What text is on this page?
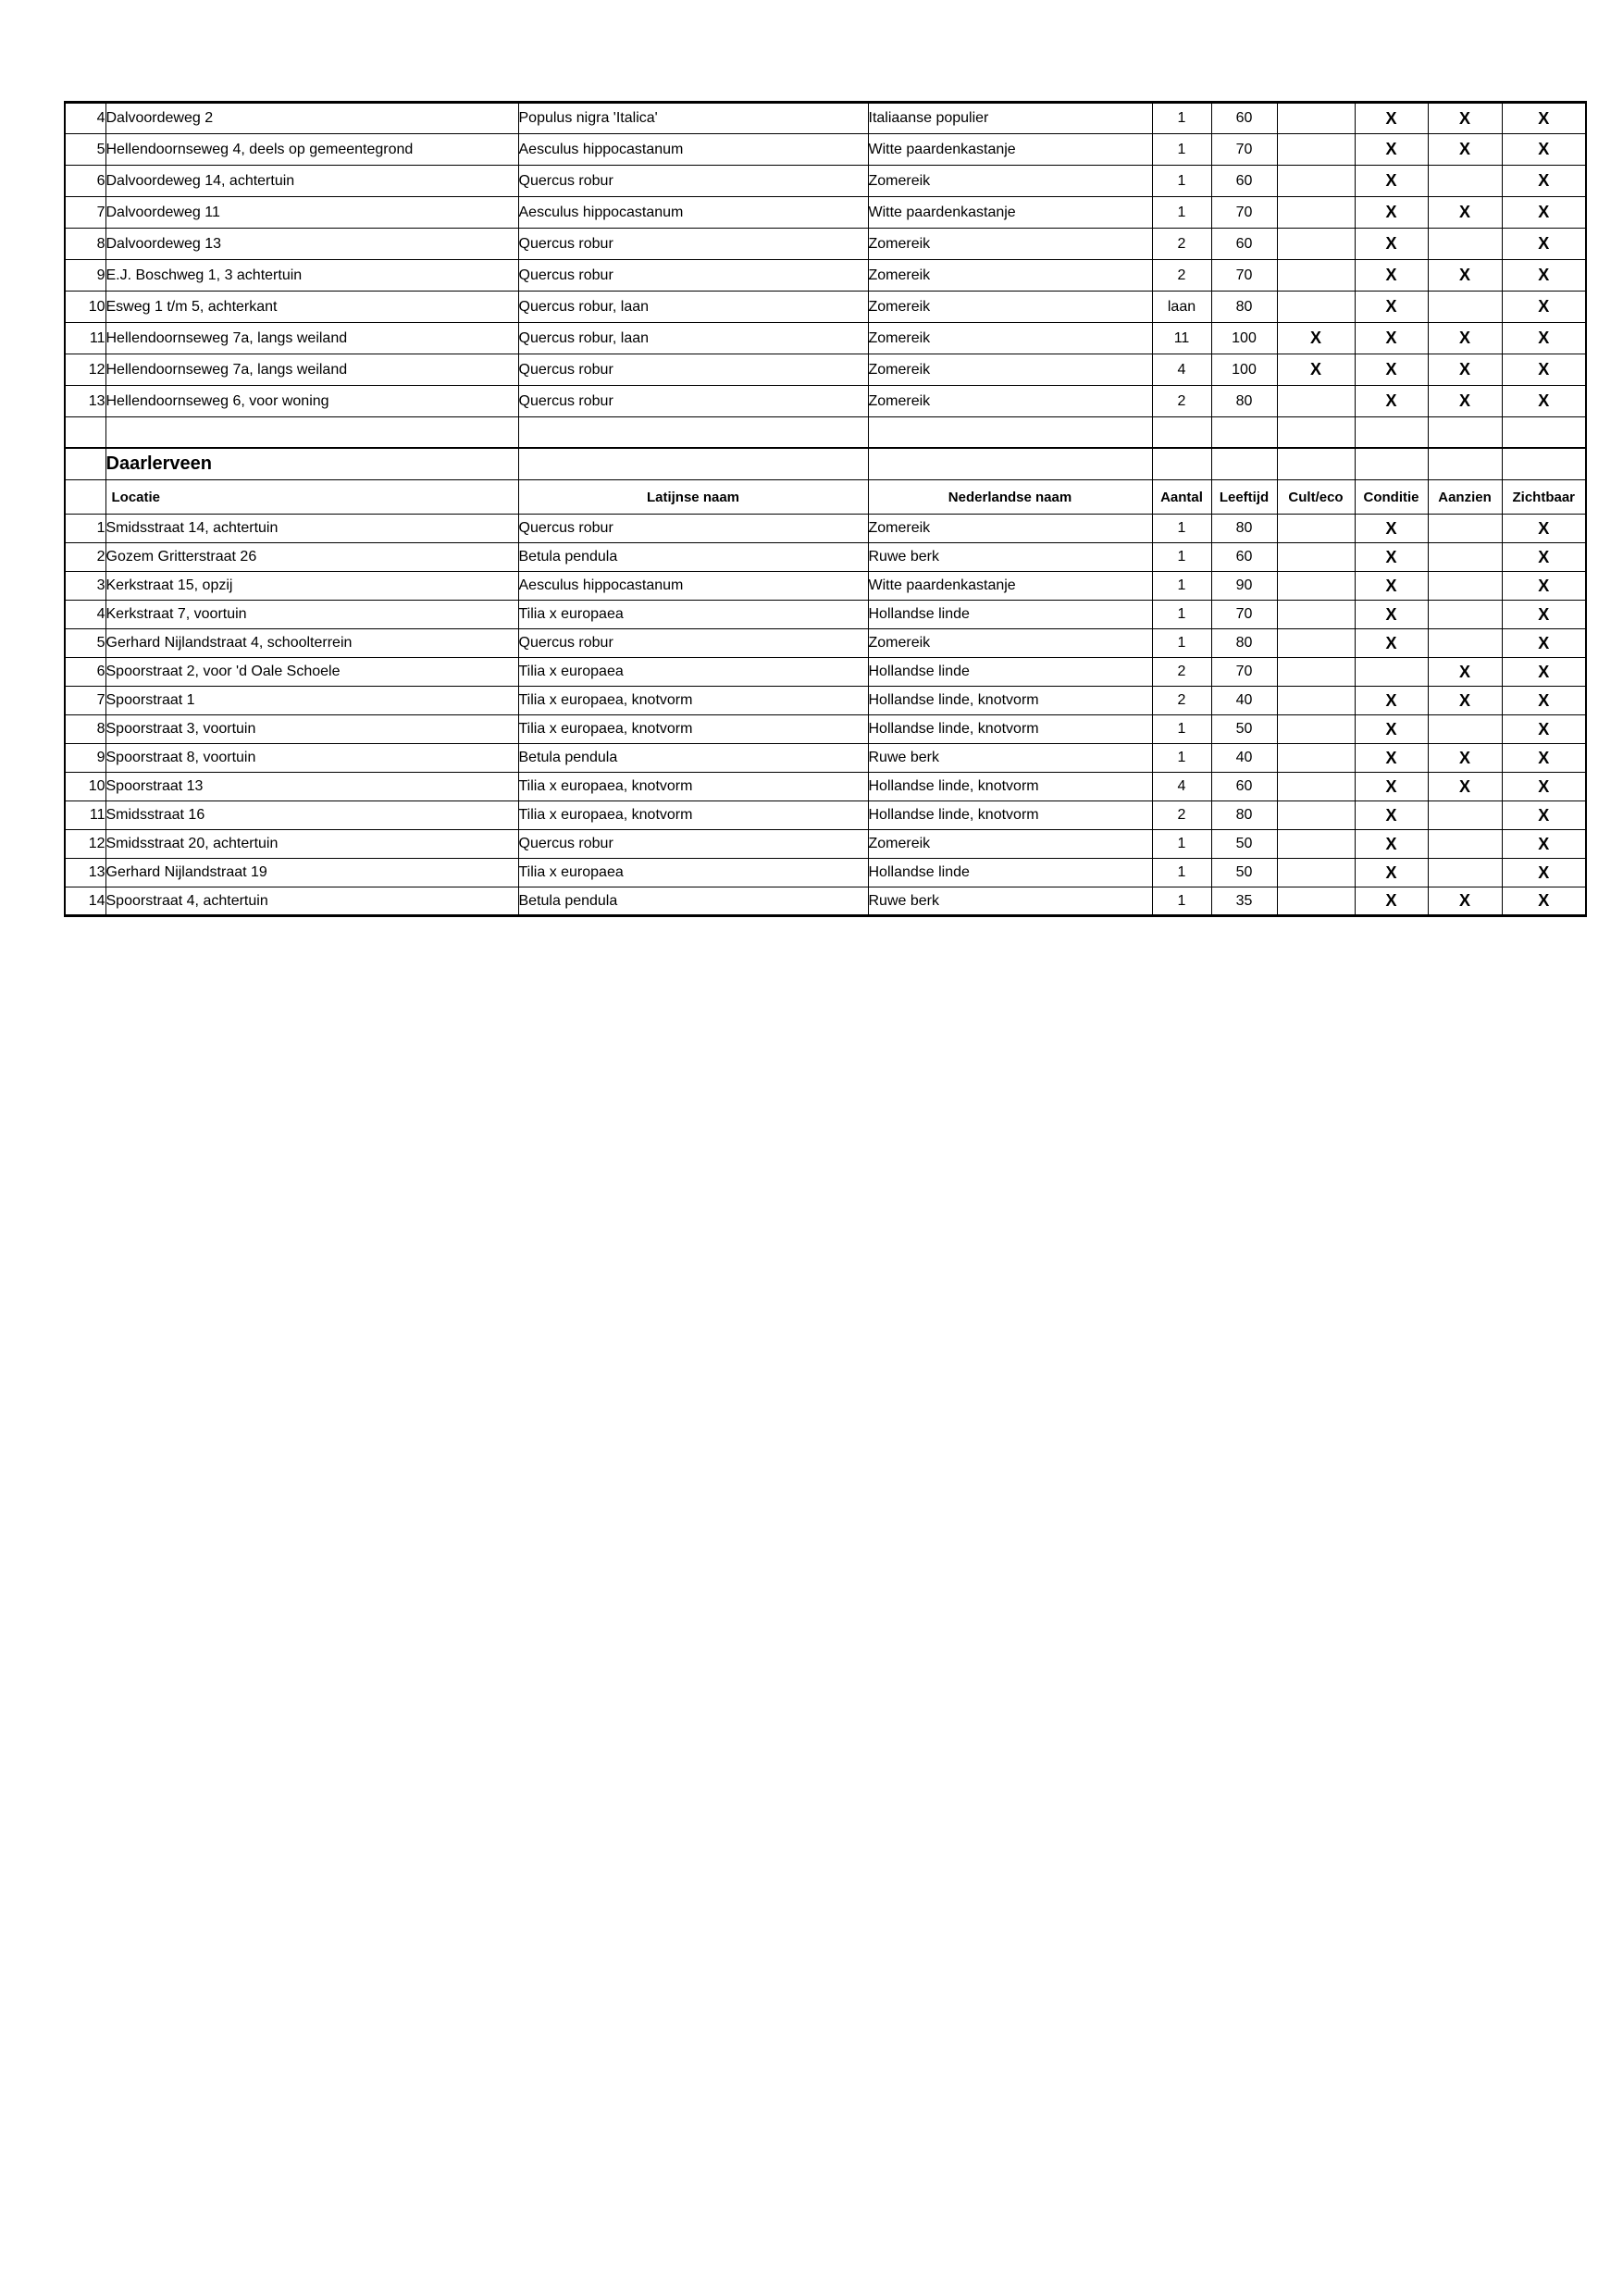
4	Dalvoordeweg 2	Populus nigra 'Italica'	Italiaanse populier	1	60		X	X	X
5	Hellendoornseweg 4, deels op gemeentegrond	Aesculus hippocastanum	Witte paardenkastanje	1	70		X	X	X
6	Dalvoordeweg 14, achtertuin	Quercus robur	Zomereik	1	60		X		X
7	Dalvoordeweg 11	Aesculus hippocastanum	Witte paardenkastanje	1	70		X	X	X
8	Dalvoordeweg 13	Quercus robur	Zomereik	2	60		X		X
9	E.J. Boschweg 1, 3 achtertuin	Quercus robur	Zomereik	2	70		X	X	X
10	Esweg 1 t/m 5, achterkant	Quercus robur, laan	Zomereik	laan	80		X		X
11	Hellendoornseweg 7a, langs weiland	Quercus robur, laan	Zomereik	11	100	X	X	X	X
12	Hellendoornseweg 7a, langs weiland	Quercus robur	Zomereik	4	100	X	X	X	X
13	Hellendoornseweg 6, voor woning	Quercus robur	Zomereik	2	80		X	X	X

	Daarlerveen								
	Locatie	Latijnse naam	Nederlandse naam	Aantal	Leeftijd	Cult/eco	Conditie	Aanzien	Zichtbaar
1	Smidsstraat 14, achtertuin	Quercus robur	Zomereik	1	80		X		X
2	Gozem Gritterstraat 26	Betula pendula	Ruwe berk	1	60		X		X
3	Kerkstraat 15, opzij	Aesculus hippocastanum	Witte paardenkastanje	1	90		X		X
4	Kerkstraat 7, voortuin	Tilia x europaea	Hollandse linde	1	70		X		X
5	Gerhard Nijlandstraat 4, schoolterrein	Quercus robur	Zomereik	1	80		X		X
6	Spoorstraat 2, voor 'd Oale Schoele	Tilia x europaea	Hollandse linde	2	70			X	X
7	Spoorstraat 1	Tilia x europaea, knotvorm	Hollandse linde, knotvorm	2	40		X	X	X
8	Spoorstraat 3, voortuin	Tilia x europaea, knotvorm	Hollandse linde, knotvorm	1	50		X		X
9	Spoorstraat 8, voortuin	Betula pendula	Ruwe berk	1	40		X	X	X
10	Spoorstraat 13	Tilia x europaea, knotvorm	Hollandse linde, knotvorm	4	60		X	X	X
11	Smidsstraat 16	Tilia x europaea, knotvorm	Hollandse linde, knotvorm	2	80		X		X
12	Smidsstraat 20, achtertuin	Quercus robur	Zomereik	1	50		X		X
13	Gerhard Nijlandstraat 19	Tilia x europaea	Hollandse linde	1	50		X		X
14	Spoorstraat 4, achtertuin	Betula pendula	Ruwe berk	1	35		X	X	X
